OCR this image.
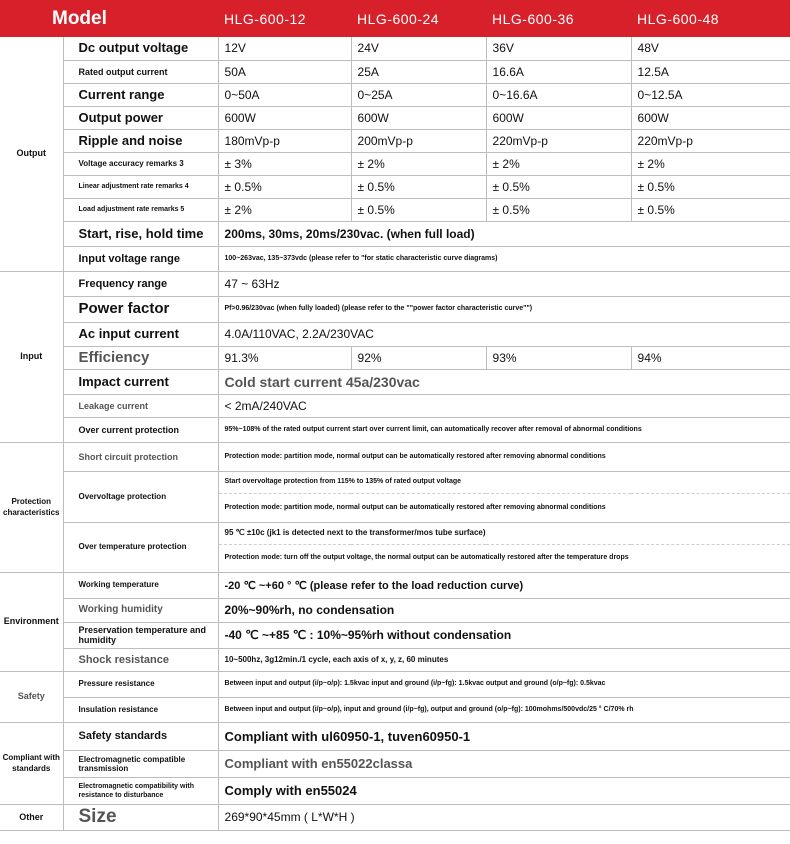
Model		HLG-600-12	HLG-600-24	HLG-600-36	HLG-600-48
Output	Dc output voltage	12V	24V	36V	48V
	Rated output current	50A	25A	16.6A	12.5A
	Current range	0~50A	0~25A	0~16.6A	0~12.5A
	Output power	600W	600W	600W	600W
	Ripple and noise	180mVp-p	200mVp-p	220mVp-p	220mVp-p
	Voltage accuracy remarks 3	± 3%	± 2%	± 2%	± 2%
	Linear adjustment rate remarks 4	± 0.5%	± 0.5%	± 0.5%	± 0.5%
	Load adjustment rate remarks 5	± 2%	± 0.5%	± 0.5%	± 0.5%
	Start, rise, hold time	200ms, 30ms, 20ms/230vac. (when full load)			
	Input voltage range	100~263vac, 135~373vdc (please refer to "for static characteristic curve diagrams)			
Input	Frequency range	47 ~ 63Hz			
	Power factor	Pf>0.96/230vac (when fully loaded) (please refer to the ""power factor characteristic curve"")			
	Ac input current	4.0A/110VAC, 2.2A/230VAC			
	Efficiency	91.3%	92%	93%	94%
	Impact current	Cold start current 45a/230vac			
	Leakage current	< 2mA/240VAC			
	Over current protection	95%~108% of the rated output current start over current limit, can automatically recover after removal of abnormal conditions			
Protection characteristics	Short circuit protection	Protection mode: partition mode, normal output can be automatically restored after removing abnormal conditions			
	Overvoltage protection	Start overvoltage protection from 115% to 135% of rated output voltage			
		Protection mode: partition mode, normal output can be automatically restored after removing abnormal conditions			
	Over temperature protection	95 ℃ ±10c (jk1 is detected next to the transformer/mos tube surface)			
		Protection mode: turn off the output voltage, the normal output can be automatically restored after the temperature drops			
Environment	Working temperature	-20 ℃ ~+60 ° ℃ (please refer to the load reduction curve)			
	Working humidity	20%~90%rh, no condensation			
	Preservation temperature and humidity	-40 ℃ ~+85 ℃ : 10%~95%rh without condensation			
	Shock resistance	10~500hz, 3g12min./1 cycle, each axis of x, y, z, 60 minutes			
Safety	Pressure resistance	Between input and output (i/p~o/p): 1.5kvac input and ground (i/p~fg): 1.5kvac output and ground (o/p~fg): 0.5kvac			
	Insulation resistance	Between input and output (i/p~o/p), input and ground (i/p~fg), output and ground (o/p~fg): 100mohms/500vdc/25 ° C/70% rh			
Compliant with standards	Safety standards	Compliant with ul60950-1, tuven60950-1			
	Electromagnetic compatible transmission	Compliant with en55022classa			
	Electromagnetic compatibility with resistance to disturbance	Comply with en55024			
Other	Size	269*90*45mm ( L*W*H )			
